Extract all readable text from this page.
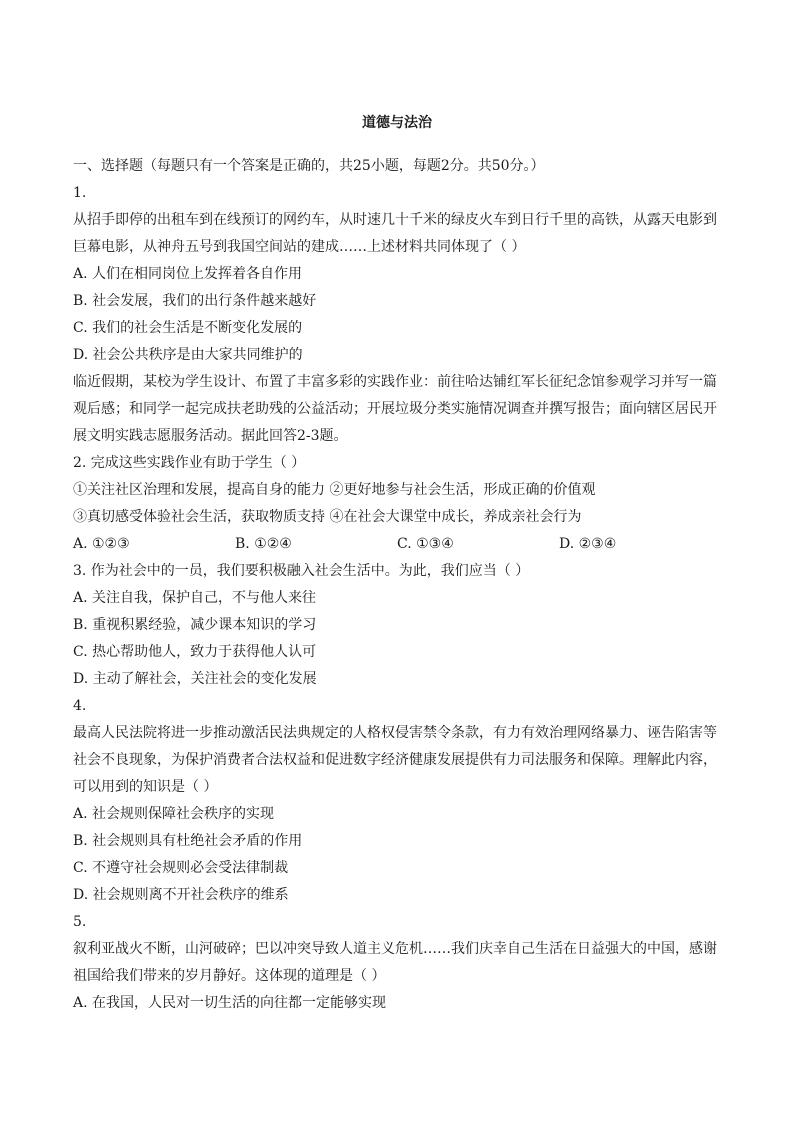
道德与法治
一、选择题（每题只有一个答案是正确的，共25小题，每题2分。共50分。）
1.
从招手即停的出租车到在线预订的网约车，从时速几十千米的绿皮火车到日行千里的高铁，从露天电影到
巨幕电影，从神舟五号到我国空间站的建成……上述材料共同体现了（ ）
A. 人们在相同岗位上发挥着各自作用
B. 社会发展，我们的出行条件越来越好
C. 我们的社会生活是不断变化发展的
D. 社会公共秩序是由大家共同维护的
临近假期，某校为学生设计、布置了丰富多彩的实践作业：前往哈达铺红军长征纪念馆参观学习并写一篇
观后感；和同学一起完成扶老助残的公益活动；开展垃圾分类实施情况调查并撰写报告；面向辖区居民开
展文明实践志愿服务活动。据此回答2-3题。
2. 完成这些实践作业有助于学生（ ）
①关注社区治理和发展，提高自身的能力 ②更好地参与社会生活，形成正确的价值观
③真切感受体验社会生活，获取物质支持 ④在社会大课堂中成长，养成亲社会行为
A. ①②③	B. ①②④	C. ①③④	D. ②③④
3. 作为社会中的一员，我们要积极融入社会生活中。为此，我们应当（ ）
A. 关注自我，保护自己，不与他人来往
B. 重视积累经验，减少课本知识的学习
C. 热心帮助他人，致力于获得他人认可
D. 主动了解社会，关注社会的变化发展
4.
最高人民法院将进一步推动激活民法典规定的人格权侵害禁令条款，有力有效治理网络暴力、诬告陷害等
社会不良现象，为保护消费者合法权益和促进数字经济健康发展提供有力司法服务和保障。理解此内容，
可以用到的知识是（ ）
A. 社会规则保障社会秩序的实现
B. 社会规则具有杜绝社会矛盾的作用
C. 不遵守社会规则必会受法律制裁
D. 社会规则离不开社会秩序的维系
5.
叙利亚战火不断，山河破碎；巴以冲突导致人道主义危机……我们庆幸自己生活在日益强大的中国，感谢
祖国给我们带来的岁月静好。这体现的道理是（ ）
A. 在我国，人民对一切生活的向往都一定能够实现
